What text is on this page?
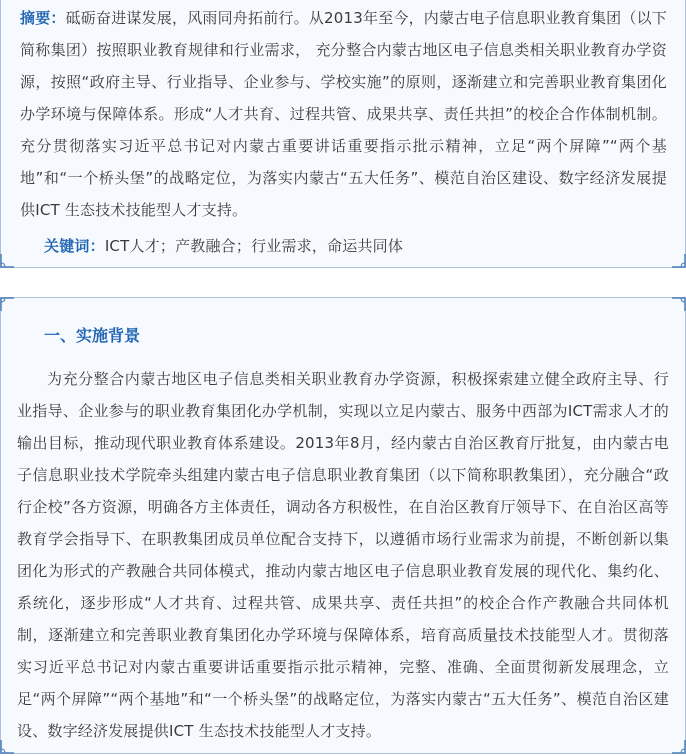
摘要：砥砺奋进谋发展，风雨同舟拓前行。从2013年至今，内蒙古电子信息职业教育集团（以下简称集团）按照职业教育规律和行业需求， 充分整合内蒙古地区电子信息类相关职业教育办学资源，按照“政府主导、行业指导、企业参与、学校实施”的原则，逐渐建立和完善职业教育集团化办学环境与保障体系。形成“人才共育、过程共管、成果共享、责任共担”的校企合作体制机制。充分贯彻落实习近平总书记对内蒙古重要讲话重要指示批示精神，立足“两个屏障”“两个基地”和“一个桥头堡”的战略定位，为落实内蒙古“五大任务”、模范自治区建设、数字经济发展提供ICT 生态技术技能型人才支持。

关键词：ICT人才；产教融合；行业需求，命运共同体

一、实施背景

为充分整合内蒙古地区电子信息类相关职业教育办学资源，积极探索建立健全政府主导、行业指导、企业参与的职业教育集团化办学机制，实现以立足内蒙古、服务中西部为ICT需求人才的输出目标，推动现代职业教育体系建设。2013年8月，经内蒙古自治区教育厅批复，由内蒙古电子信息职业技术学院牵头组建内蒙古电子信息职业教育集团（以下简称职教集团），充分融合“政行企校”各方资源，明确各方主体责任，调动各方积极性，在自治区教育厅领导下、在自治区高等教育学会指导下、在职教集团成员单位配合支持下，以遵循市场行业需求为前提，不断创新以集团化为形式的产教融合共同体模式，推动内蒙古地区电子信息职业教育发展的现代化、集约化、系统化，逐步形成“人才共育、过程共管、成果共享、责任共担”的校企合作产教融合共同体机制，逐渐建立和完善职业教育集团化办学环境与保障体系，培育高质量技术技能型人才。贯彻落实习近平总书记对内蒙古重要讲话重要指示批示精神，完整、准确、全面贯彻新发展理念，立足“两个屏障”“两个基地”和“一个桥头堡”的战略定位，为落实内蒙古“五大任务”、模范自治区建设、数字经济发展提供ICT 生态技术技能型人才支持。
